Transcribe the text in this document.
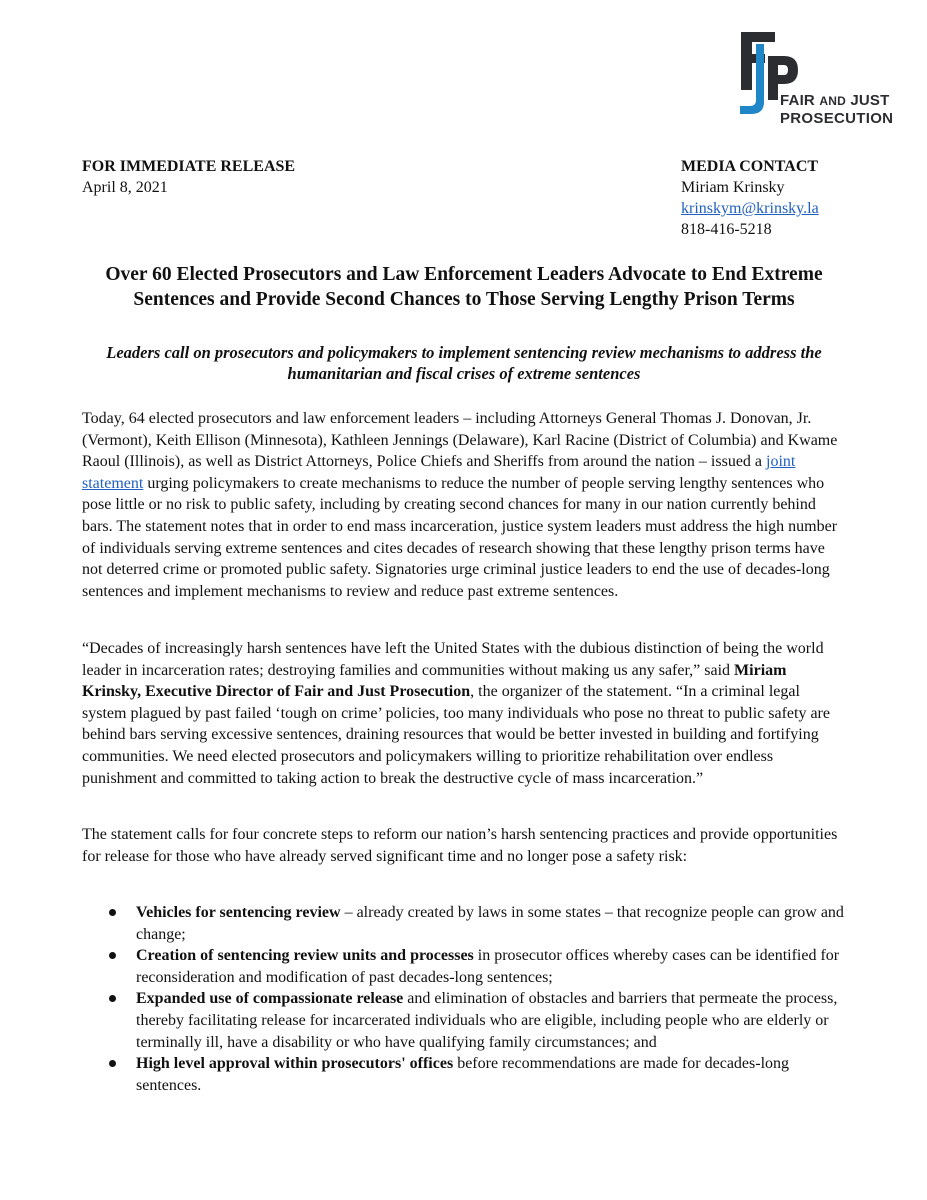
FAIR AND JUST
PROSECUTION
FOR IMMEDIATE RELEASE
April 8, 2021
MEDIA CONTACT
Miriam Krinsky
krinskym@krinsky.la
818-416-5218
Over 60 Elected Prosecutors and Law Enforcement Leaders Advocate to End Extreme Sentences and Provide Second Chances to Those Serving Lengthy Prison Terms
Leaders call on prosecutors and policymakers to implement sentencing review mechanisms to address the humanitarian and fiscal crises of extreme sentences
Today, 64 elected prosecutors and law enforcement leaders – including Attorneys General Thomas J. Donovan, Jr. (Vermont), Keith Ellison (Minnesota), Kathleen Jennings (Delaware), Karl Racine (District of Columbia) and Kwame Raoul (Illinois), as well as District Attorneys, Police Chiefs and Sheriffs from around the nation – issued a joint statement urging policymakers to create mechanisms to reduce the number of people serving lengthy sentences who pose little or no risk to public safety, including by creating second chances for many in our nation currently behind bars. The statement notes that in order to end mass incarceration, justice system leaders must address the high number of individuals serving extreme sentences and cites decades of research showing that these lengthy prison terms have not deterred crime or promoted public safety. Signatories urge criminal justice leaders to end the use of decades-long sentences and implement mechanisms to review and reduce past extreme sentences.
“Decades of increasingly harsh sentences have left the United States with the dubious distinction of being the world leader in incarceration rates; destroying families and communities without making us any safer,” said Miriam Krinsky, Executive Director of Fair and Just Prosecution, the organizer of the statement. “In a criminal legal system plagued by past failed ‘tough on crime’ policies, too many individuals who pose no threat to public safety are behind bars serving excessive sentences, draining resources that would be better invested in building and fortifying communities. We need elected prosecutors and policymakers willing to prioritize rehabilitation over endless punishment and committed to taking action to break the destructive cycle of mass incarceration.”
The statement calls for four concrete steps to reform our nation’s harsh sentencing practices and provide opportunities for release for those who have already served significant time and no longer pose a safety risk:
Vehicles for sentencing review – already created by laws in some states – that recognize people can grow and change;
Creation of sentencing review units and processes in prosecutor offices whereby cases can be identified for reconsideration and modification of past decades-long sentences;
Expanded use of compassionate release and elimination of obstacles and barriers that permeate the process, thereby facilitating release for incarcerated individuals who are eligible, including people who are elderly or terminally ill, have a disability or who have qualifying family circumstances; and
High level approval within prosecutors' offices before recommendations are made for decades-long sentences.
